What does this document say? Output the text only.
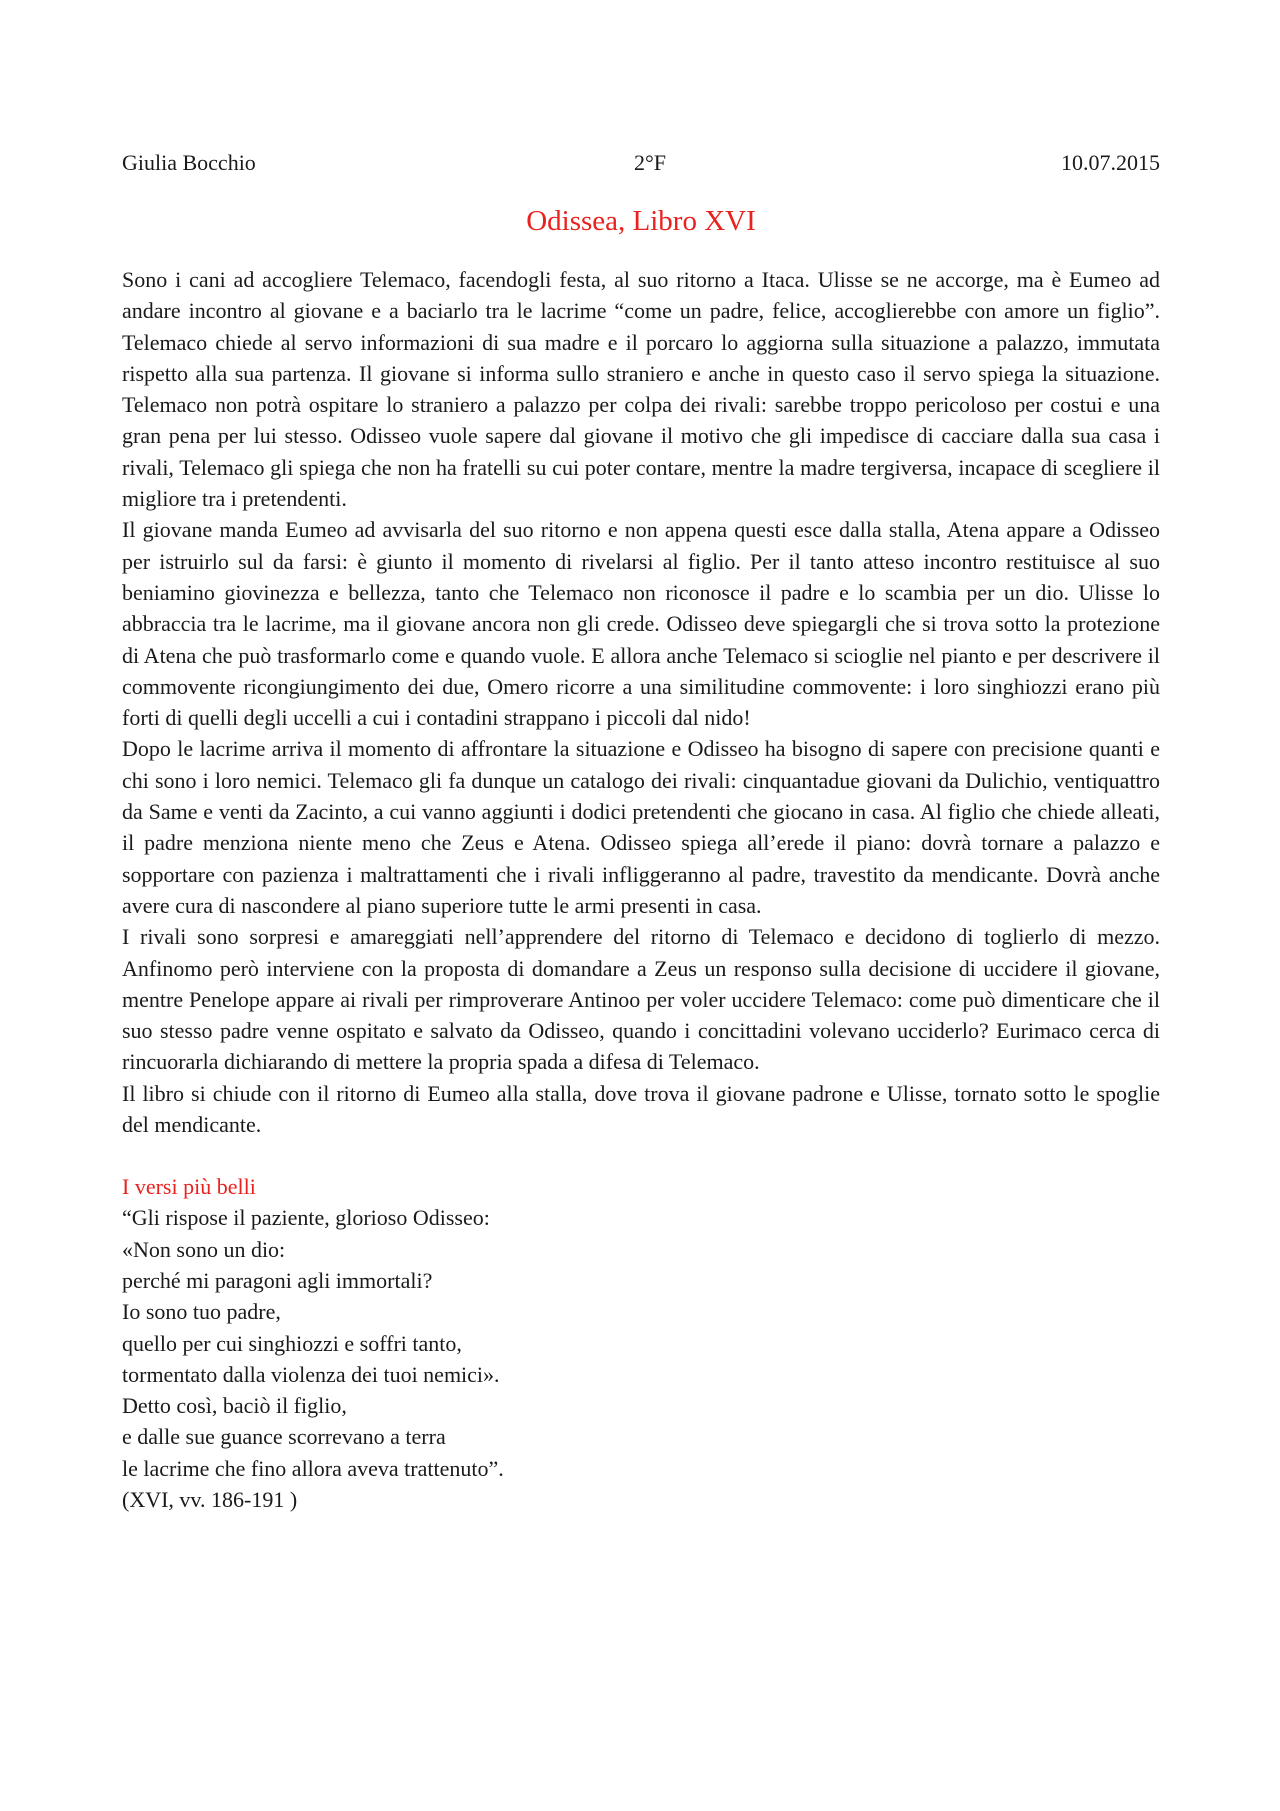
Giulia Bocchio	2°F	10.07.2015
Odissea, Libro XVI

Sono i cani ad accogliere Telemaco, facendogli festa, al suo ritorno a Itaca. Ulisse se ne accorge, ma è Eumeo ad andare incontro al giovane e a baciarlo tra le lacrime “come un padre, felice, accoglierebbe con amore un figlio”. Telemaco chiede al servo informazioni di sua madre e il porcaro lo aggiorna sulla situazione a palazzo, immutata rispetto alla sua partenza. Il giovane si informa sullo straniero e anche in questo caso il servo spiega la situazione. Telemaco non potrà ospitare lo straniero a palazzo per colpa dei rivali: sarebbe troppo pericoloso per costui e una gran pena per lui stesso. Odisseo vuole sapere dal giovane il motivo che gli impedisce di cacciare dalla sua casa i rivali, Telemaco gli spiega che non ha fratelli su cui poter contare, mentre la madre tergiversa, incapace di scegliere il migliore tra i pretendenti.

Il giovane manda Eumeo ad avvisarla del suo ritorno e non appena questi esce dalla stalla, Atena appare a Odisseo per istruirlo sul da farsi: è giunto il momento di rivelarsi al figlio. Per il tanto atteso incontro restituisce al suo beniamino giovinezza e bellezza, tanto che Telemaco non riconosce il padre e lo scambia per un dio. Ulisse lo abbraccia tra le lacrime, ma il giovane ancora non gli crede. Odisseo deve spiegargli che si trova sotto la protezione di Atena che può trasformarlo come e quando vuole. E allora anche Telemaco si scioglie nel pianto e per descrivere il commovente ricongiungimento dei due, Omero ricorre a una similitudine commovente: i loro singhiozzi erano più forti di quelli degli uccelli a cui i contadini strappano i piccoli dal nido!

Dopo le lacrime arriva il momento di affrontare la situazione e Odisseo ha bisogno di sapere con precisione quanti e chi sono i loro nemici. Telemaco gli fa dunque un catalogo dei rivali: cinquantadue giovani da Dulichio, ventiquattro da Same e venti da Zacinto, a cui vanno aggiunti i dodici pretendenti che giocano in casa. Al figlio che chiede alleati, il padre menziona niente meno che Zeus e Atena. Odisseo spiega all’erede il piano: dovrà tornare a palazzo e sopportare con pazienza i maltrattamenti che i rivali infliggeranno al padre, travestito da mendicante. Dovrà anche avere cura di nascondere al piano superiore tutte le armi presenti in casa.

I rivali sono sorpresi e amareggiati nell’apprendere del ritorno di Telemaco e decidono di toglierlo di mezzo. Anfinomo però interviene con la proposta di domandare a Zeus un responso sulla decisione di uccidere il giovane, mentre Penelope appare ai rivali per rimproverare Antinoo per voler uccidere Telemaco: come può dimenticare che il suo stesso padre venne ospitato e salvato da Odisseo, quando i concittadini volevano ucciderlo? Eurimaco cerca di rincuorarla dichiarando di mettere la propria spada a difesa di Telemaco.

Il libro si chiude con il ritorno di Eumeo alla stalla, dove trova il giovane padrone e Ulisse, tornato sotto le spoglie del mendicante.

I versi più belli
“Gli rispose il paziente, glorioso Odisseo:
«Non sono un dio:
perché mi paragoni agli immortali?
Io sono tuo padre,
quello per cui singhiozzi e soffri tanto,
tormentato dalla violenza dei tuoi nemici».
Detto così, baciò il figlio,
e dalle sue guance scorrevano a terra
le lacrime che fino allora aveva trattenuto”.
(XVI, vv. 186-191 )
